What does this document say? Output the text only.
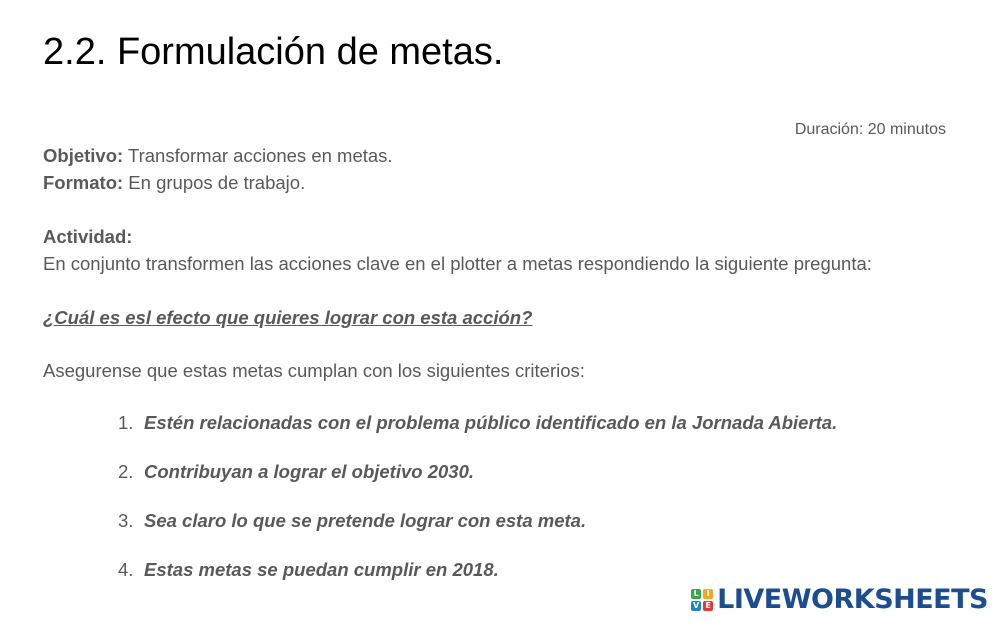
2.2. Formulación de metas.
Duración: 20 minutos
Objetivo: Transformar acciones en metas.
Formato: En grupos de trabajo.
Actividad:
En conjunto transformen las acciones clave en el plotter a metas respondiendo la siguiente pregunta:
¿Cuál es esl efecto que quieres lograr con esta acción?
Asegurense que estas metas cumplan con los siguientes criterios:
1. Estén relacionadas con el problema público identificado en la Jornada Abierta.
2. Contribuyan a lograr el objetivo 2030.
3. Sea claro lo que se pretende lograr con esta meta.
4. Estas metas se puedan cumplir en 2018.
L I
V E LIVEWORKSHEETS
